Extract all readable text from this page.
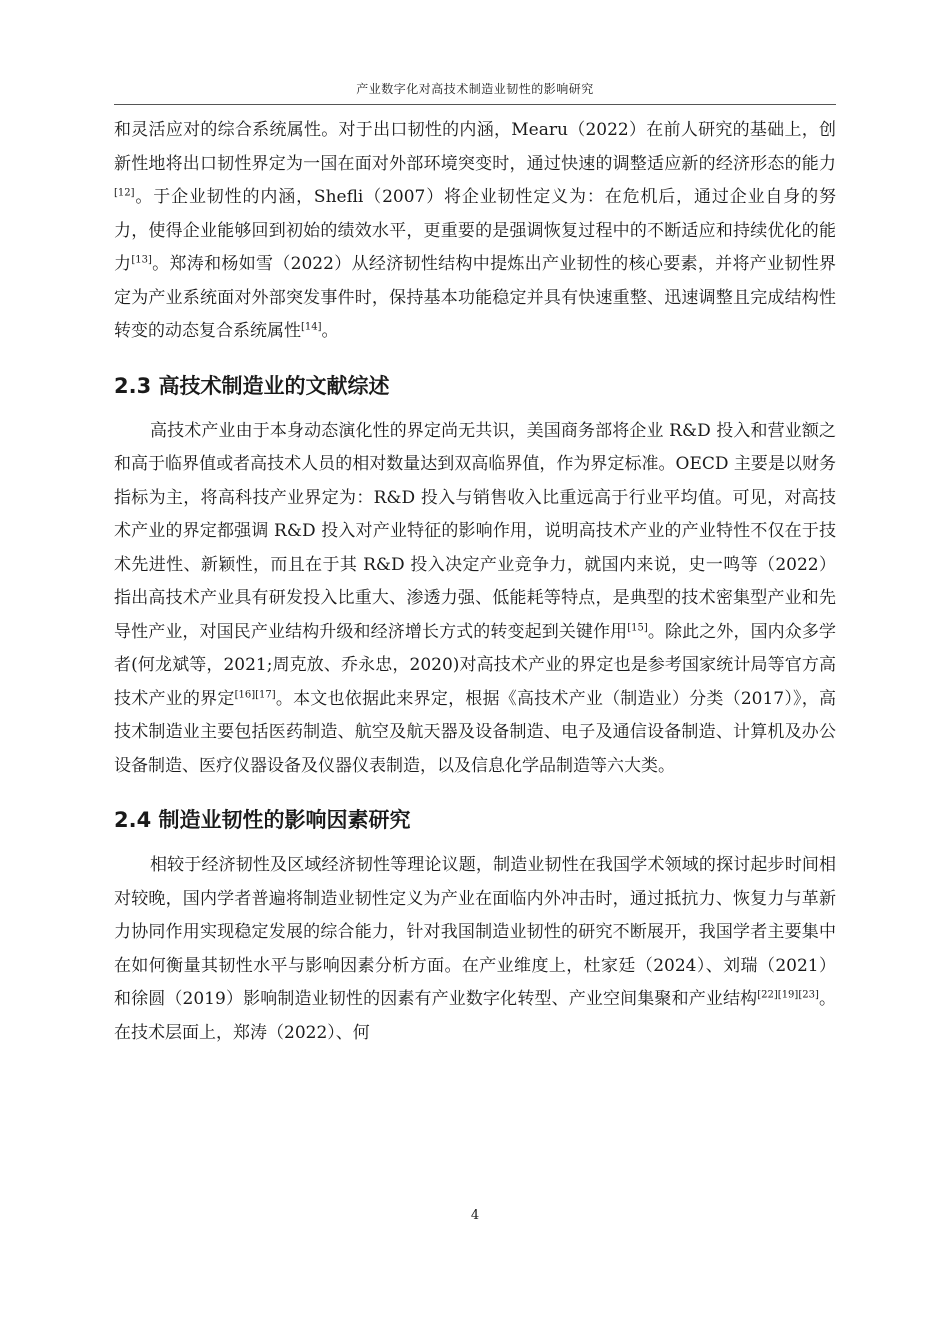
产业数字化对高技术制造业韧性的影响研究

和灵活应对的综合系统属性。对于出口韧性的内涵，Mearu（2022）在前人研究的基础上，创新性地将出口韧性界定为一国在面对外部环境突变时，通过快速的调整适应新的经济形态的能力[12]。于企业韧性的内涵，Shefli（2007）将企业韧性定义为：在危机后，通过企业自身的努力，使得企业能够回到初始的绩效水平，更重要的是强调恢复过程中的不断适应和持续优化的能力[13]。郑涛和杨如雪（2022）从经济韧性结构中提炼出产业韧性的核心要素，并将产业韧性界定为产业系统面对外部突发事件时，保持基本功能稳定并具有快速重整、迅速调整且完成结构性转变的动态复合系统属性[14]。

2.3 高技术制造业的文献综述

高技术产业由于本身动态演化性的界定尚无共识，美国商务部将企业 R&D 投入和营业额之和高于临界值或者高技术人员的相对数量达到双高临界值，作为界定标准。OECD 主要是以财务指标为主，将高科技产业界定为：R&D 投入与销售收入比重远高于行业平均值。可见，对高技术产业的界定都强调 R&D 投入对产业特征的影响作用，说明高技术产业的产业特性不仅在于技术先进性、新颖性，而且在于其 R&D 投入决定产业竞争力，就国内来说，史一鸣等（2022）指出高技术产业具有研发投入比重大、渗透力强、低能耗等特点，是典型的技术密集型产业和先导性产业，对国民产业结构升级和经济增长方式的转变起到关键作用[15]。除此之外，国内众多学者(何龙斌等，2021;周克放、乔永忠，2020)对高技术产业的界定也是参考国家统计局等官方高技术产业的界定[16][17]。本文也依据此来界定，根据《高技术产业（制造业）分类（2017）》，高技术制造业主要包括医药制造、航空及航天器及设备制造、电子及通信设备制造、计算机及办公设备制造、医疗仪器设备及仪器仪表制造，以及信息化学品制造等六大类。

2.4 制造业韧性的影响因素研究

相较于经济韧性及区域经济韧性等理论议题，制造业韧性在我国学术领域的探讨起步时间相对较晚，国内学者普遍将制造业韧性定义为产业在面临内外冲击时，通过抵抗力、恢复力与革新力协同作用实现稳定发展的综合能力，针对我国制造业韧性的研究不断展开，我国学者主要集中在如何衡量其韧性水平与影响因素分析方面。在产业维度上，杜家廷（2024）、刘瑞（2021）和徐圆（2019）影响制造业韧性的因素有产业数字化转型、产业空间集聚和产业结构[22][19][23]。在技术层面上，郑涛（2022）、何

4
